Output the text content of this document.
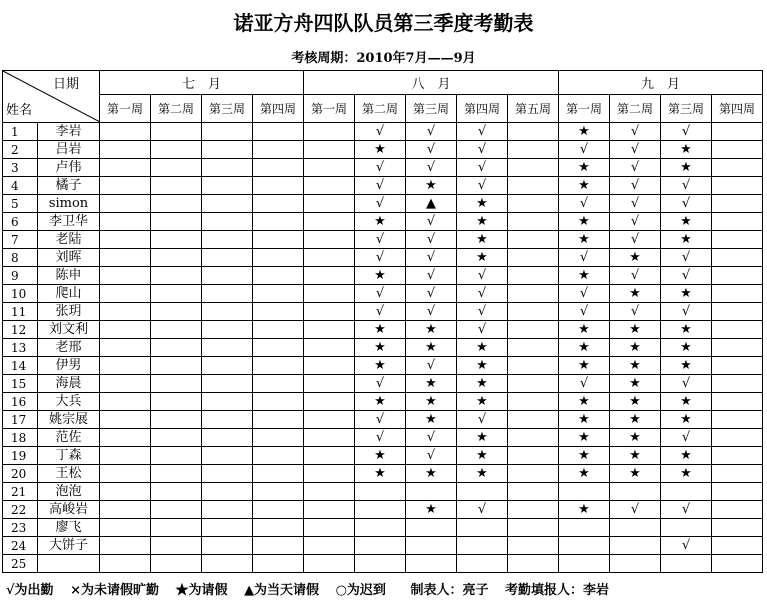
诺亚方舟四队队员第三季度考勤表
考核周期：2010年7月——9月
日期
姓名		七　月				八　月					九　月			
		第一周	第二周	第三周	第四周	第一周	第二周	第三周	第四周	第五周	第一周	第二周	第三周	第四周
1	李岩						√	√	√		★	√	√	
2	吕岩						★	√	√		√	√	★	
3	卢伟						√	√	√		★	√	★	
4	橘子						√	★	√		★	√	√	
5	simon						√	▲	★		√	√	√	
6	李卫华						★	√	★		★	√	★	
7	老陆						√	√	★		★	√	★	
8	刘晖						√	√	★		√	★	√	
9	陈申						★	√	√		★	√	√	
10	爬山						√	√	√		√	★	★	
11	张玥						√	√	√		√	√	√	
12	刘文利						★	★	√		★	★	★	
13	老邢						★	★	★		★	★	★	
14	伊男						★	√	★		★	★	★	
15	海晨						√	★	★		√	★	√	
16	大兵						★	★	★		★	★	★	
17	姚宗展						√	★	√		★	★	★	
18	范佐						√	√	★		★	★	√	
19	丁森						★	√	★		★	★	★	
20	王松						★	★	★		★	★	★	
21	泡泡													
22	高峻岩							★	√		★	√	√	
23	廖飞													
24	大饼子												√	
25														
√为出勤 ×为未请假旷勤 ★为请假 ▲为当天请假 ○为迟到 制表人：亮子 考勤填报人：李岩
